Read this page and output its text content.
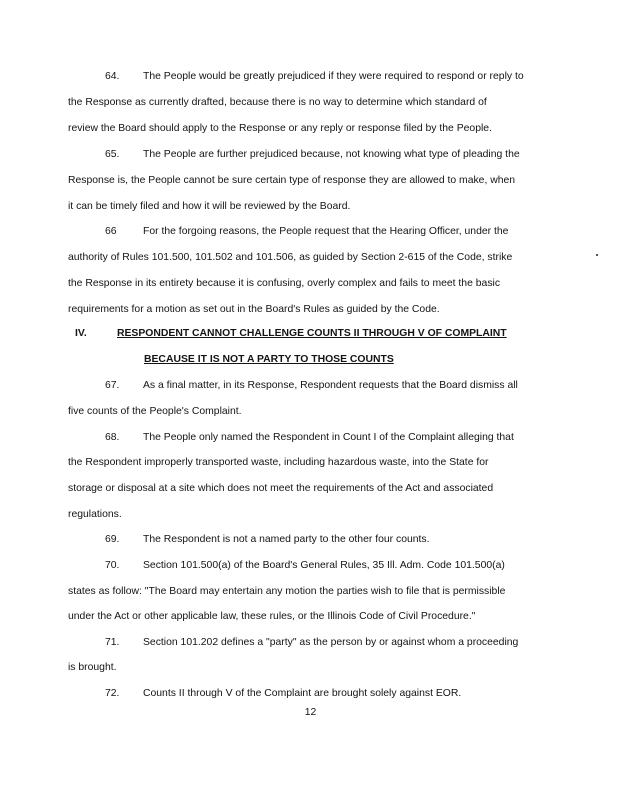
64. The People would be greatly prejudiced if they were required to respond or reply to
the Response as currently drafted, because there is no way to determine which standard of
review the Board should apply to the Response or any reply or response filed by the People.
65. The People are further prejudiced because, not knowing what type of pleading the
Response is, the People cannot be sure certain type of response they are allowed to make, when
it can be timely filed and how it will be reviewed by the Board.
66	For the forgoing reasons, the People request that the Hearing Officer, under the
authority of Rules 101.500, 101.502 and 101.506, as guided by Section 2-615 of the Code, strike
the Response in its entirety because it is confusing, overly complex and fails to meet the basic
requirements for a motion as set out in the Board's Rules as guided by the Code.
IV.	RESPONDENT CANNOT CHALLENGE COUNTS II THROUGH V OF COMPLAINT
BECAUSE IT IS NOT A PARTY TO THOSE COUNTS
67. As a final matter, in its Response, Respondent requests that the Board dismiss all
five counts of the People's Complaint.
68. The People only named the Respondent in Count I of the Complaint alleging that
the Respondent improperly transported waste, including hazardous waste, into the State for
storage or disposal at a site which does not meet the requirements of the Act and associated
regulations.
69. The Respondent is not a named party to the other four counts.
70. Section 101.500(a) of the Board's General Rules, 35 Ill. Adm. Code 101.500(a)
states as follow: "The Board may entertain any motion the parties wish to file that is permissible
under the Act or other applicable law, these rules, or the Illinois Code of Civil Procedure."
71. Section 101.202 defines a "party" as the person by or against whom a proceeding
is brought.
72. Counts II through V of the Complaint are brought solely against EOR.
12
